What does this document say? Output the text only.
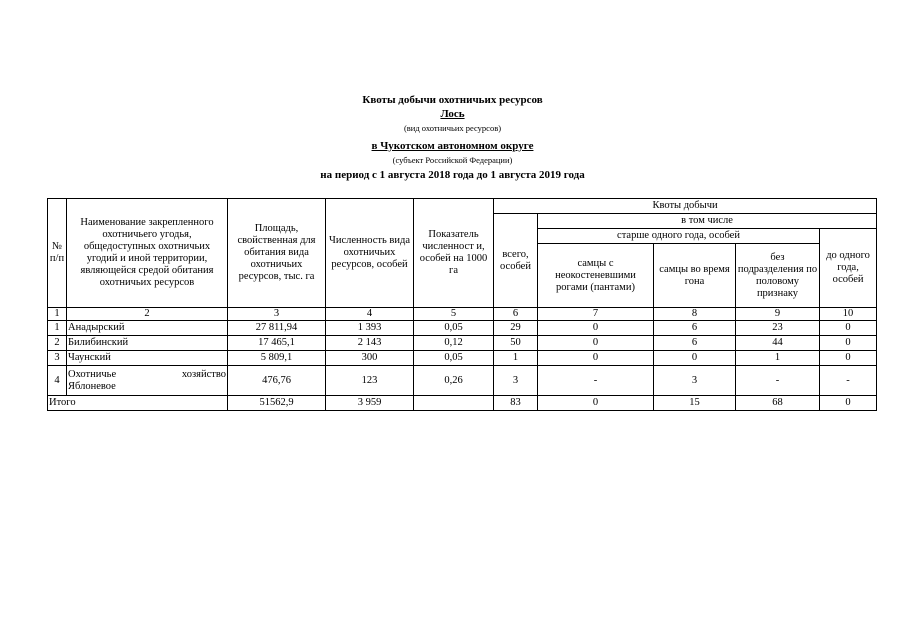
Квоты добычи охотничьих ресурсов
Лось
(вид охотничьих ресурсов)
в Чукотском автономном округе
(субъект Российской Федерации)
на период с 1 августа 2018 года до 1 августа 2019 года
№ п/п	Наименование закрепленного охотничьего угодья, общедоступных охотничьих угодий и иной территории, являющейся средой обитания охотничьих ресурсов	Площадь, свойственная для обитания вида охотничьих ресурсов, тыс. га	Численность вида охотничьих ресурсов, особей	Показатель численност и, особей на 1000 га	Квоты добычи				
					всего, особей	в том числе			
						старше одного года, особей			до одного года, особей
						самцы с неокостеневшими рогами (пантами)	самцы во время гона	без подразделения по половому признаку	
1	2	3	4	5	6	7	8	9	10
1	Анадырский	27 811,94	1 393	0,05	29	0	6	23	0
2	Билибинский	17 465,1	2 143	0,12	50	0	6	44	0
3	Чаунский	5 809,1	300	0,05	1	0	0	1	0
4	Охотничье хозяйство
Яблоневое	476,76	123	0,26	3	-	3	-	-
Итого		51562,9	3 959		83	0	15	68	0
